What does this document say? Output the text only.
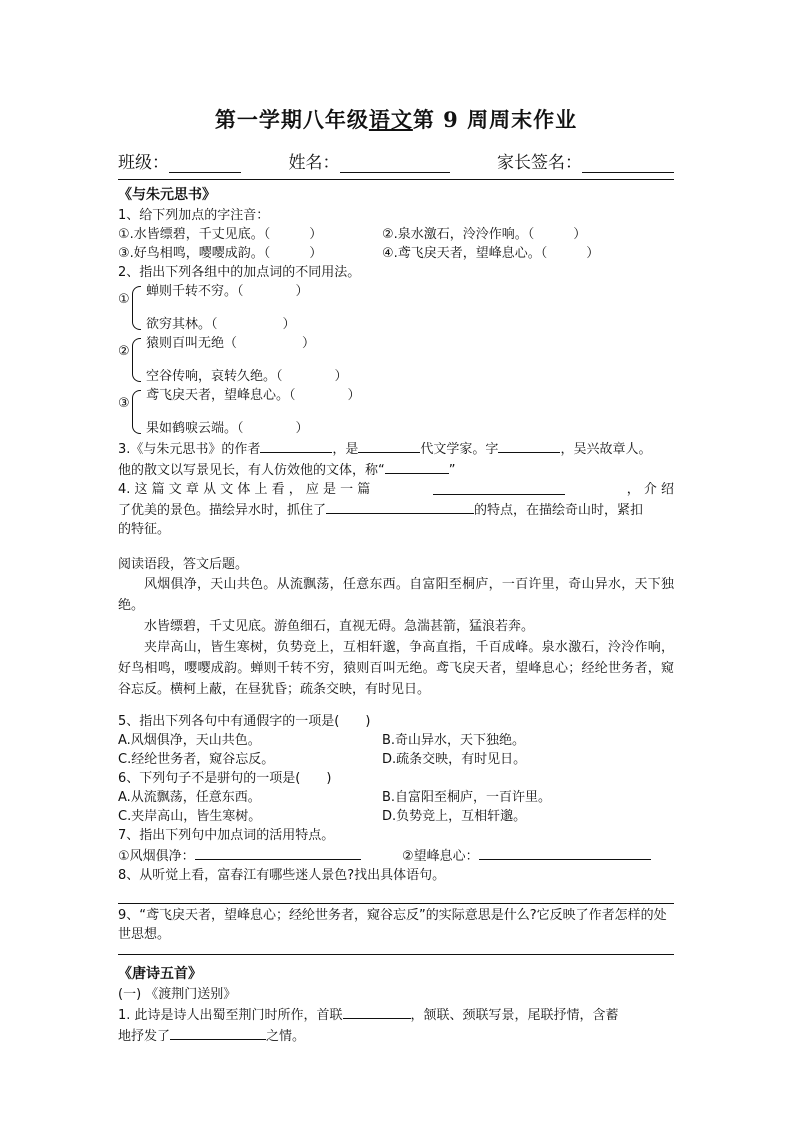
第一学期八年级语文第 9 周周末作业
班级：	姓名：	家长签名：
《与朱元思书》
1、给下列加点的字注音：
①.水皆缥碧，千丈见底。（　　　）	②.泉水激石，泠泠作响。（　　　）
③.好鸟相鸣，嘤嘤成韵。（　　　）	④.鸢飞戾天者，望峰息心。（　　　）
2、指出下列各组中的加点词的不同用法。
①
蝉则千转不穷。（　　　　）
欲穷其林。（　　　　　）
②
猿则百叫无绝（　　　　　）
空谷传响，哀转久绝。（　　　　）
③
鸢飞戾天者，望峰息心。（　　　　）
果如鹤唳云端。（　　　　）
3.《与朱元思书》的作者	，是	代文学家。字	，吴兴故章人。
他的散文以写景见长，有人仿效他的文体，称“	”
4. 这 篇 文 章 从 文 体 上 看 ， 应 是 一 篇	， 介 绍
了优美的景色。描绘异水时，抓住了	的特点，在描绘奇山时，紧扣
的特征。
阅读语段，答文后题。
风烟俱净，天山共色。从流飘荡，任意东西。自富阳至桐庐，一百许里，奇山异水，天下独绝。
水皆缥碧，千丈见底。游鱼细石，直视无碍。急湍甚箭，猛浪若奔。
夹岸高山，皆生寒树，负势竞上，互相轩邈，争高直指，千百成峰。泉水激石，泠泠作响，好鸟相鸣，嘤嘤成韵。蝉则千转不穷，猿则百叫无绝。鸢飞戾天者，望峰息心；经纶世务者，窥谷忘反。横柯上蔽，在昼犹昏；疏条交映，有时见日。
5、指出下列各句中有通假字的一项是(　　)
A.风烟俱净，天山共色。	B.奇山异水，天下独绝。
C.经纶世务者，窥谷忘反。	D.疏条交映，有时见日。
6、下列句子不是骈句的一项是(　　)
A.从流飘荡，任意东西。	B.自富阳至桐庐，一百许里。
C.夹岸高山，皆生寒树。	D.负势竞上，互相轩邈。
7、指出下列句中加点词的活用特点。
①风烟俱净：	②望峰息心：
8、从听觉上看，富春江有哪些迷人景色?找出具体语句。
9、“鸢飞戾天者，望峰息心；经纶世务者，窥谷忘反”的实际意思是什么?它反映了作者怎样的处世思想。
《唐诗五首》
(一) 《渡荆门送别》
1. 此诗是诗人出蜀至荆门时所作，首联	，颔联、颈联写景，尾联抒情，含蓄
地抒发了	之情。
